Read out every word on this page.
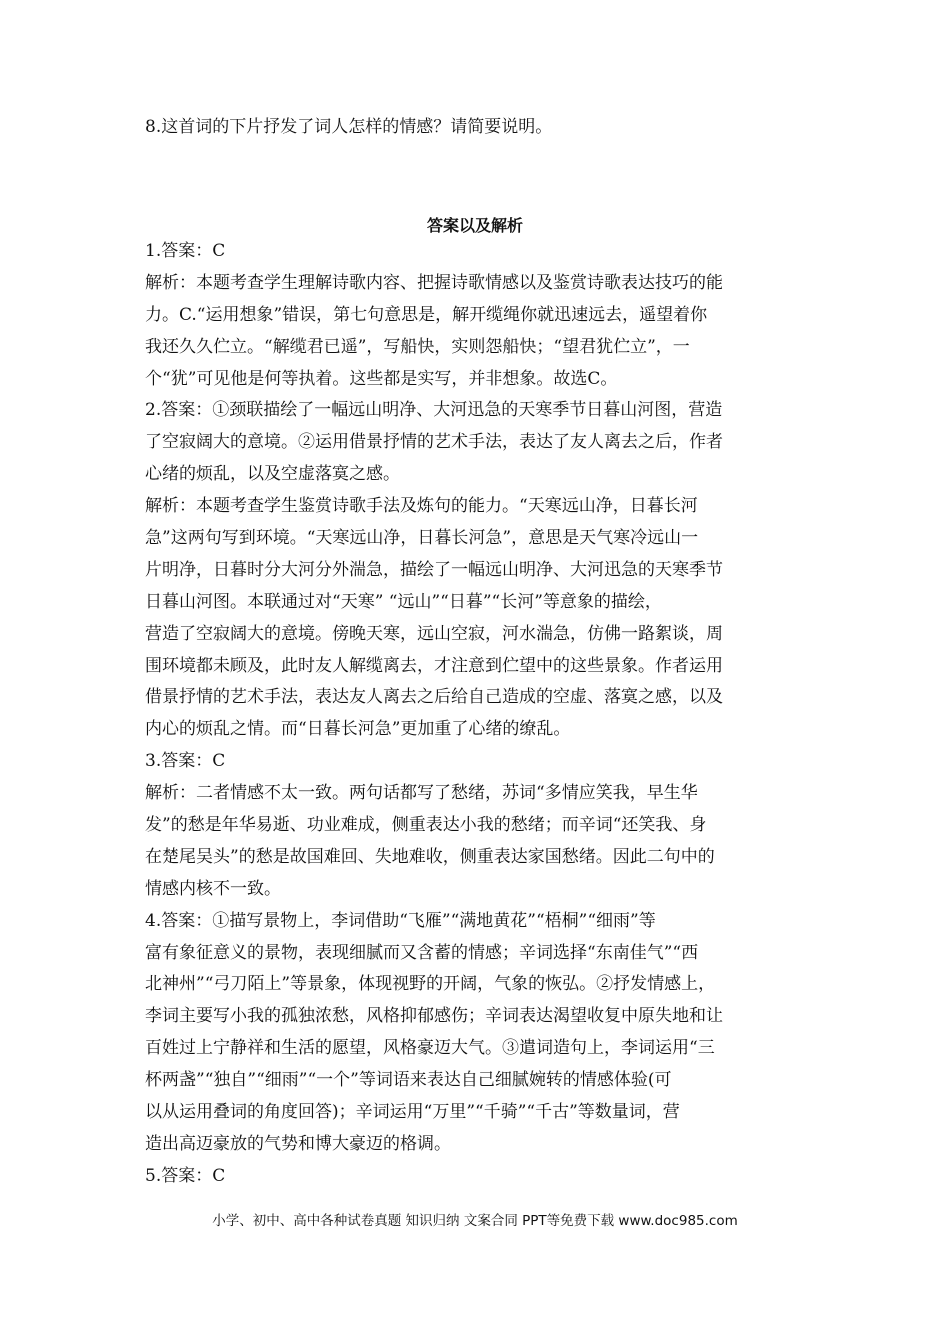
8.这首词的下片抒发了词人怎样的情感？请简要说明。
答案以及解析
1.答案：C
解析：本题考查学生理解诗歌内容、把握诗歌情感以及鉴赏诗歌表达技巧的能
力。C.“运用想象”错误，第七句意思是，解开缆绳你就迅速远去，遥望着你
我还久久伫立。“解缆君已遥”，写船快，实则怨船快；“望君犹伫立”，一
个“犹”可见他是何等执着。这些都是实写，并非想象。故选C。
2.答案：①颈联描绘了一幅远山明净、大河迅急的天寒季节日暮山河图，营造
了空寂阔大的意境。②运用借景抒情的艺术手法，表达了友人离去之后，作者
心绪的烦乱，以及空虚落寞之感。
解析：本题考查学生鉴赏诗歌手法及炼句的能力。“天寒远山净，日暮长河
急”这两句写到环境。“天寒远山净，日暮长河急”，意思是天气寒冷远山一
片明净，日暮时分大河分外湍急，描绘了一幅远山明净、大河迅急的天寒季节
日暮山河图。本联通过对“天寒” “远山”“日暮”“长河”等意象的描绘，
营造了空寂阔大的意境。傍晚天寒，远山空寂，河水湍急，仿佛一路絮谈，周
围环境都未顾及，此时友人解缆离去，才注意到伫望中的这些景象。作者运用
借景抒情的艺术手法，表达友人离去之后给自己造成的空虚、落寞之感，以及
内心的烦乱之情。而“日暮长河急”更加重了心绪的缭乱。
3.答案：C
解析：二者情感不太一致。两句话都写了愁绪，苏词“多情应笑我，早生华
发”的愁是年华易逝、功业难成，侧重表达小我的愁绪；而辛词“还笑我、身
在楚尾吴头”的愁是故国难回、失地难收，侧重表达家国愁绪。因此二句中的
情感内核不一致。
4.答案：①描写景物上，李词借助“飞雁”“满地黄花”“梧桐”“细雨”等
富有象征意义的景物，表现细腻而又含蓄的情感；辛词选择“东南佳气”“西
北神州”“弓刀陌上”等景象，体现视野的开阔，气象的恢弘。②抒发情感上，
李词主要写小我的孤独浓愁，风格抑郁感伤；辛词表达渴望收复中原失地和让
百姓过上宁静祥和生活的愿望，风格豪迈大气。③遣词造句上，李词运用“三
杯两盏”“独自”“细雨”“一个”等词语来表达自己细腻婉转的情感体验(可
以从运用叠词的角度回答)；辛词运用“万里”“千骑”“千古”等数量词，营
造出高迈豪放的气势和博大豪迈的格调。
5.答案：C
小学、初中、高中各种试卷真题 知识归纳 文案合同 PPT等免费下载 www.doc985.com
